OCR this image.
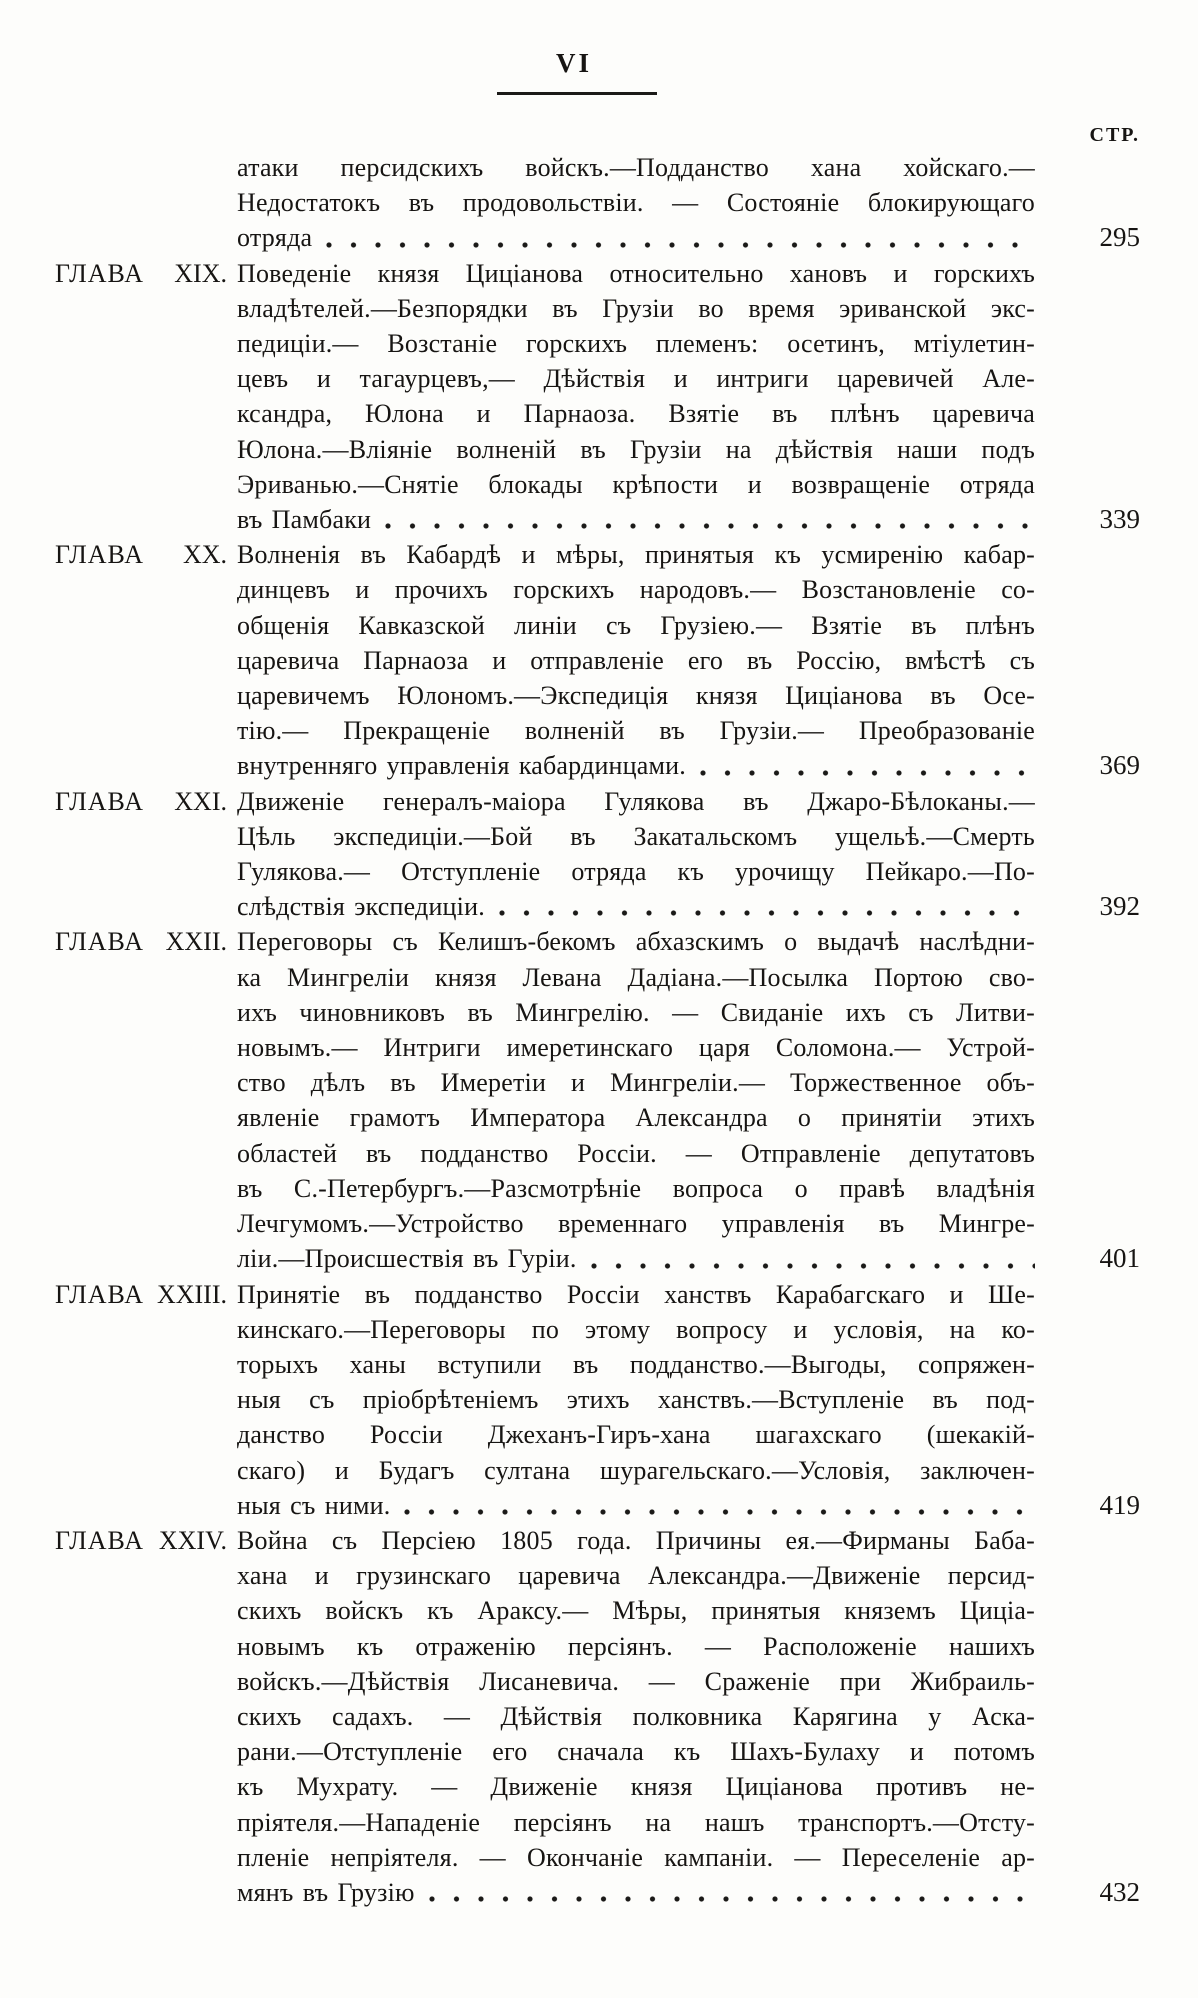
VI
СТР.
атаки персидскихъ войскъ.—Подданство хана хойскаго.—
Недостатокъ въ продовольствіи. — Состояніе блокирующаго
отряда	295
ГЛАВА XIX. Поведеніе князя Циціанова относительно хановъ и горскихъ
владѣтелей.—Безпорядки въ Грузіи во время эриванской экс-
педиціи.— Возстаніе горскихъ племенъ: осетинъ, мтіулетин-
цевъ и тагаурцевъ,— Дѣйствія и интриги царевичей Але-
ксандра, Юлона и Парнаоза. Взятіе въ плѣнъ царевича
Юлона.—Вліяніе волненій въ Грузіи на дѣйствія наши подъ
Эриванью.—Снятіе блокады крѣпости и возвращеніе отряда
въ Памбаки	339
ГЛАВА XX. Волненія въ Кабардѣ и мѣры, принятыя къ усмиренію кабар-
динцевъ и прочихъ горскихъ народовъ.— Возстановленіе со-
общенія Кавказской линіи съ Грузіею.— Взятіе въ плѣнъ
царевича Парнаоза и отправленіе его въ Россію, вмѣстѣ съ
царевичемъ Юлономъ.—Экспедиція князя Циціанова въ Осе-
тію.— Прекращеніе волненій въ Грузіи.— Преобразованіе
внутренняго управленія кабардинцами.	369
ГЛАВА XXI. Движеніе генералъ-маіора Гулякова въ Джаро-Бѣлоканы.—
Цѣль экспедиціи.—Бой въ Закатальскомъ ущельѣ.—Смерть
Гулякова.— Отступленіе отряда къ урочищу Пейкаро.—По-
слѣдствія экспедиціи.	392
ГЛАВА XXII. Переговоры съ Келишъ-бекомъ абхазскимъ о выдачѣ наслѣдни-
ка Мингреліи князя Левана Дадіана.—Посылка Портою сво-
ихъ чиновниковъ въ Мингрелію. — Свиданіе ихъ съ Литви-
новымъ.— Интриги имеретинскаго царя Соломона.— Устрой-
ство дѣлъ въ Имеретіи и Мингреліи.— Торжественное объ-
явленіе грамотъ Императора Александра о принятіи этихъ
областей въ подданство Россіи. — Отправленіе депутатовъ
въ С.-Петербургъ.—Разсмотрѣніе вопроса о правѣ владѣнія
Лечгумомъ.—Устройство временнаго управленія въ Мингре-
ліи.—Происшествія въ Гуріи.	401
ГЛАВА XXIII. Принятіе въ подданство Россіи ханствъ Карабагскаго и Ше-
кинскаго.—Переговоры по этому вопросу и условія, на ко-
торыхъ ханы вступили въ подданство.—Выгоды, сопряжен-
ныя съ пріобрѣтеніемъ этихъ ханствъ.—Вступленіе въ под-
данство Россіи Джеханъ-Гиръ-хана шагахскаго (шекакій-
скаго) и Будагъ султана шурагельскаго.—Условія, заключен-
ныя съ ними.	419
ГЛАВА XXIV. Война съ Персіею 1805 года. Причины ея.—Фирманы Баба-
хана и грузинскаго царевича Александра.—Движеніе персид-
скихъ войскъ къ Араксу.— Мѣры, принятыя княземъ Циціа-
новымъ къ отраженію персіянъ. — Расположеніе нашихъ
войскъ.—Дѣйствія Лисаневича. — Сраженіе при Жибраиль-
скихъ садахъ. — Дѣйствія полковника Карягина у Аска-
рани.—Отступленіе его сначала къ Шахъ-Булаху и потомъ
къ Мухрату. — Движеніе князя Циціанова противъ не-
пріятеля.—Нападеніе персіянъ на нашъ транспортъ.—Отсту-
пленіе непріятеля. — Окончаніе кампаніи. — Переселеніе ар-
мянъ въ Грузію	432
